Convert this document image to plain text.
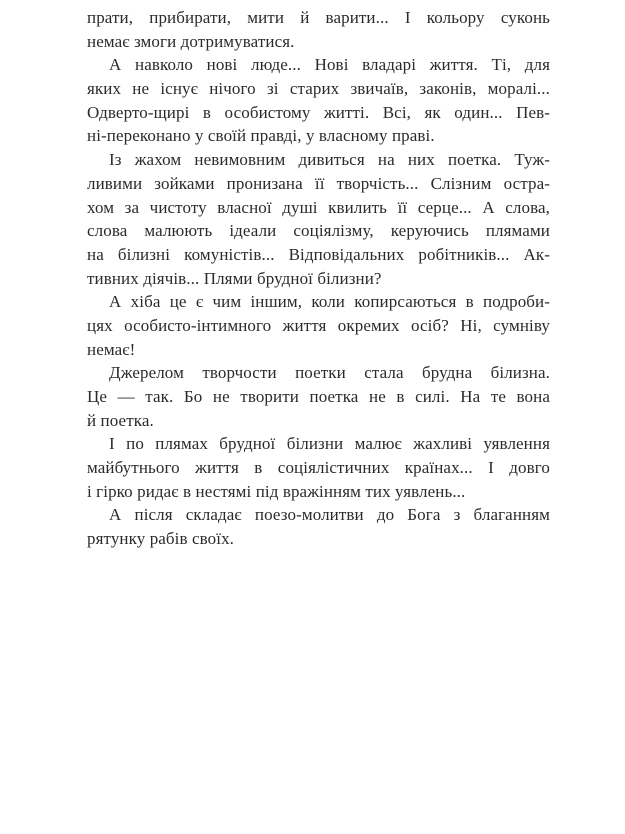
прати, прибирати, мити й варити... І кольору суконь
немає змоги дотримуватися.
А навколо нові люде... Нові владарі життя. Ті, для
яких не існує нічого зі старих звичаїв, законів, моралі...
Одверто-щирі в особистому житті. Всі, як один... Пев-
ні-переконано у своїй правді, у власному праві.
Із жахом невимовним дивиться на них поетка. Туж-
ливими зойками пронизана її творчість... Слізним остра-
хом за чистоту власної душі квилить її серце... А слова,
слова малюють ідеали соціялізму, керуючись плямами
на білизні комуністів... Відповідальних робітників... Ак-
тивних діячів... Плями брудної білизни?
А хіба це є чим іншим, коли копирсаються в подроби-
цях особисто-інтимного життя окремих осіб? Ні, сумніву
немає!
Джерелом творчости поетки стала брудна білизна.
Це — так. Бо не творити поетка не в силі. На те вона
й поетка.
І по плямах брудної білизни малює жахливі уявлення
майбутнього життя в соціялістичних країнах... І довго
і гірко ридає в нестямі під вражінням тих уявлень...
А після складає поезо-молитви до Бога з благанням
рятунку рабів своїх.
